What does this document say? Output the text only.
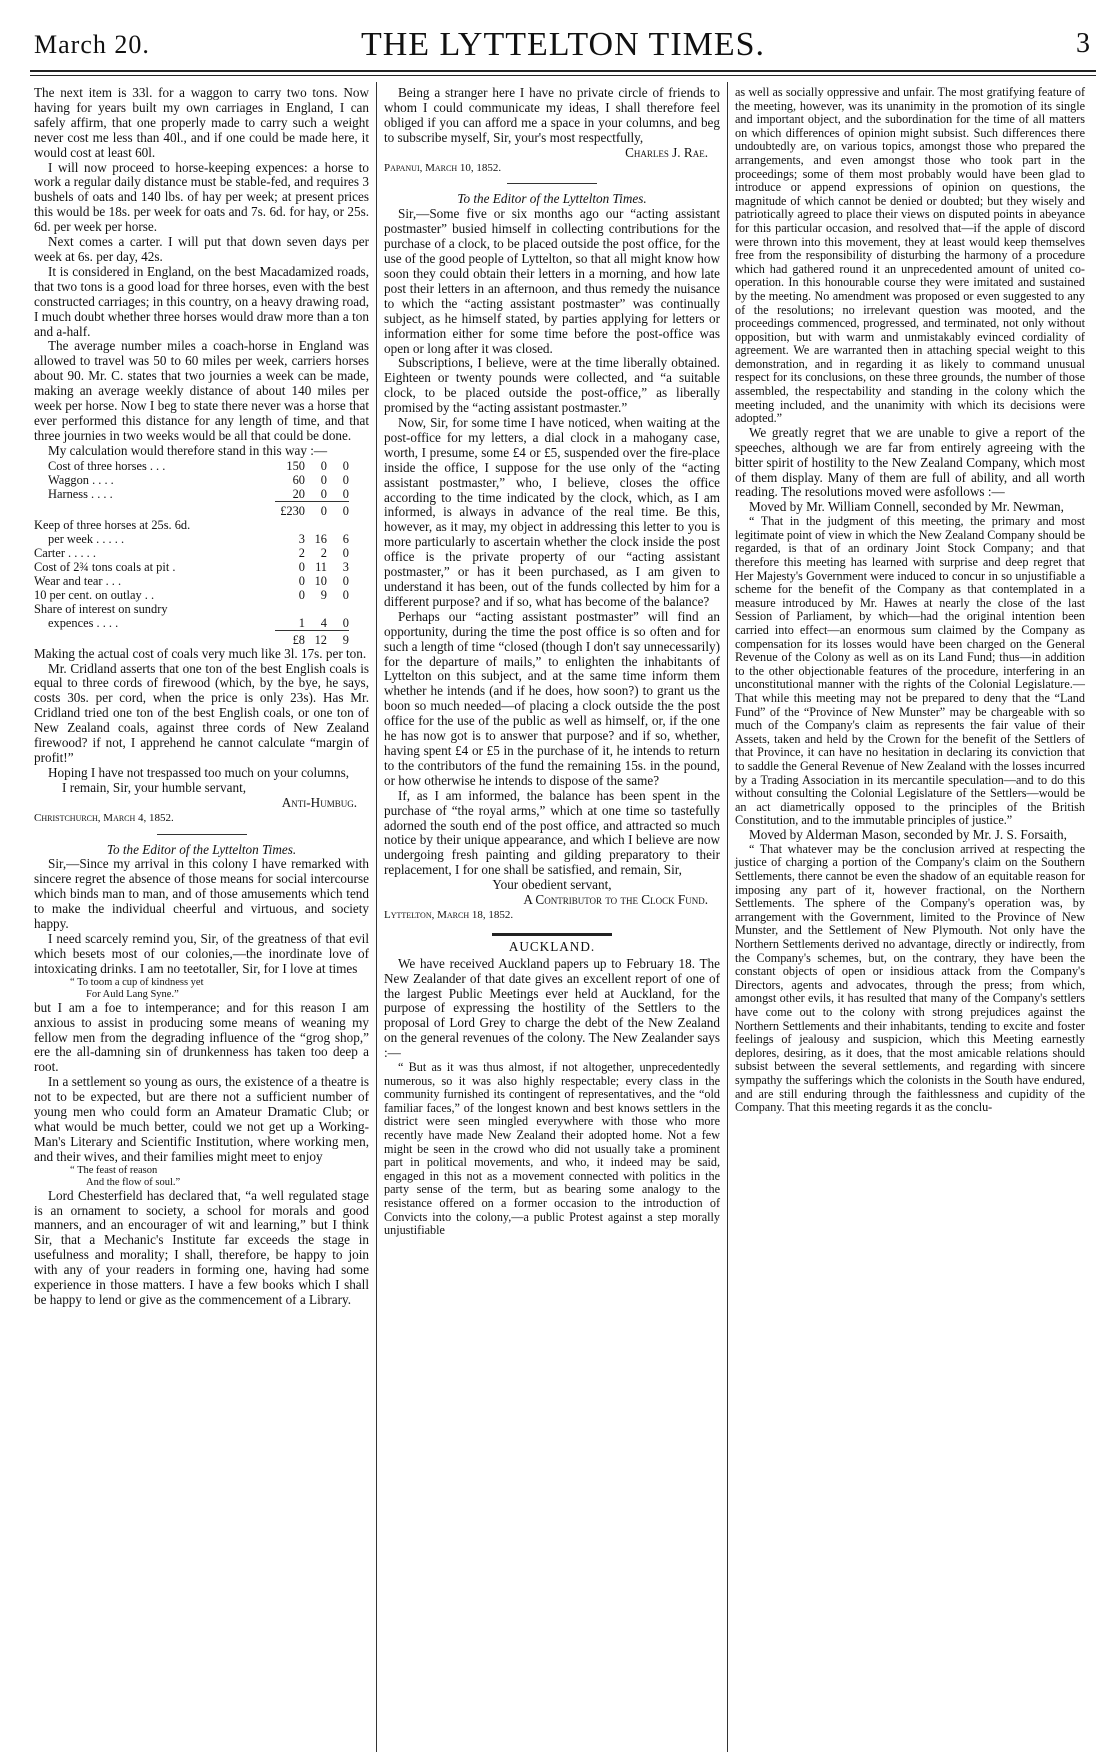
March 20.	THE LYTTELTON TIMES.	3

The next item is 33l. for a waggon to carry two tons. Now having for years built my own carriages in England, I can safely affirm, that one properly made to carry such a weight never cost me less than 40l., and if one could be made here, it would cost at least 60l.

I will now proceed to horse-keeping expences: a horse to work a regular daily distance must be stable-fed, and requires 3 bushels of oats and 140 lbs. of hay per week; at present prices this would be 18s. per week for oats and 7s. 6d. for hay, or 25s. 6d. per week per horse.

Next comes a carter. I will put that down seven days per week at 6s. per day, 42s.

It is considered in England, on the best Macadamized roads, that two tons is a good load for three horses, even with the best constructed carriages; in this country, on a heavy drawing road, I much doubt whether three horses would draw more than a ton and a-half.

The average number miles a coach-horse in England was allowed to travel was 50 to 60 miles per week, carriers horses about 90. Mr. C. states that two journies a week can be made, making an average weekly distance of about 140 miles per week per horse. Now I beg to state there never was a horse that ever performed this distance for any length of time, and that three journies in two weeks would be all that could be done.

My calculation would therefore stand in this way :—

Cost of three horses . . .	150	0	0	
Waggon . . . .	60	0	0	
Harness . . . .	20	0	0	
	£230	0	0	
Keep of three horses at 25s. 6d.				
per week . . . . .	3	16	6	
Carter . . . . .	2	2	0	
Cost of 2¾ tons coals at pit .	0	11	3	
Wear and tear . . .	0	10	0	
10 per cent. on outlay . .	0	9	0	
Share of interest on sundry				
expences . . . .	1	4	0	
	£8	12	9	

Making the actual cost of coals very much like 3l. 17s. per ton.

Mr. Cridland asserts that one ton of the best English coals is equal to three cords of firewood (which, by the bye, he says, costs 30s. per cord, when the price is only 23s). Has Mr. Cridland tried one ton of the best English coals, or one ton of New Zealand coals, against three cords of New Zealand firewood? if not, I apprehend he cannot calculate “margin of profit!”

Hoping I have not trespassed too much on your columns,

I remain, Sir, your humble servant,

Anti-Humbug.

Christchurch, March 4, 1852.

To the Editor of the Lyttelton Times.

Sir,—Since my arrival in this colony I have remarked with sincere regret the absence of those means for social intercourse which binds man to man, and of those amusements which tend to make the individual cheerful and virtuous, and society happy.

I need scarcely remind you, Sir, of the greatness of that evil which besets most of our colonies,—the inordinate love of intoxicating drinks. I am no teetotaller, Sir, for I love at times

“ To toom a cup of kindness yet

For Auld Lang Syne.”

but I am a foe to intemperance; and for this reason I am anxious to assist in producing some means of weaning my fellow men from the degrading influence of the “grog shop,” ere the all-damning sin of drunkenness has taken too deep a root.

In a settlement so young as ours, the existence of a theatre is not to be expected, but are there not a sufficient number of young men who could form an Amateur Dramatic Club; or what would be much better, could we not get up a Working-Man's Literary and Scientific Institution, where working men, and their wives, and their families might meet to enjoy

“ The feast of reason

And the flow of soul.”

Lord Chesterfield has declared that, “a well regulated stage is an ornament to society, a school for morals and good manners, and an encourager of wit and learning,” but I think Sir, that a Mechanic's Institute far exceeds the stage in usefulness and morality; I shall, therefore, be happy to join with any of your readers in forming one, having had some experience in those matters. I have a few books which I shall be happy to lend or give as the commencement of a Library.

Being a stranger here I have no private circle of friends to whom I could communicate my ideas, I shall therefore feel obliged if you can afford me a space in your columns, and beg to subscribe myself, Sir, your's most respectfully,

Charles J. Rae.

Papanui, March 10, 1852.

To the Editor of the Lyttelton Times.

Sir,—Some five or six months ago our “acting assistant postmaster” busied himself in collecting contributions for the purchase of a clock, to be placed outside the post office, for the use of the good people of Lyttelton, so that all might know how soon they could obtain their letters in a morning, and how late post their letters in an afternoon, and thus remedy the nuisance to which the “acting assistant postmaster” was continually subject, as he himself stated, by parties applying for letters or information either for some time before the post-office was open or long after it was closed.

Subscriptions, I believe, were at the time liberally obtained. Eighteen or twenty pounds were collected, and “a suitable clock, to be placed outside the post-office,” as liberally promised by the “acting assistant postmaster.”

Now, Sir, for some time I have noticed, when waiting at the post-office for my letters, a dial clock in a mahogany case, worth, I presume, some £4 or £5, suspended over the fire-place inside the office, I suppose for the use only of the “acting assistant postmaster,” who, I believe, closes the office according to the time indicated by the clock, which, as I am informed, is always in advance of the real time. Be this, however, as it may, my object in addressing this letter to you is more particularly to ascertain whether the clock inside the post office is the private property of our “acting assistant postmaster,” or has it been purchased, as I am given to understand it has been, out of the funds collected by him for a different purpose? and if so, what has become of the balance?

Perhaps our “acting assistant postmaster” will find an opportunity, during the time the post office is so often and for such a length of time “closed (though I don't say unnecessarily) for the departure of mails,” to enlighten the inhabitants of Lyttelton on this subject, and at the same time inform them whether he intends (and if he does, how soon?) to grant us the boon so much needed—of placing a clock outside the the post office for the use of the public as well as himself, or, if the one he has now got is to answer that purpose? and if so, whether, having spent £4 or £5 in the purchase of it, he intends to return to the contributors of the fund the remaining 15s. in the pound, or how otherwise he intends to dispose of the same?

If, as I am informed, the balance has been spent in the purchase of “the royal arms,” which at one time so tastefully adorned the south end of the post office, and attracted so much notice by their unique appearance, and which I believe are now undergoing fresh painting and gilding preparatory to their replacement, I for one shall be satisfied, and remain, Sir,

Your obedient servant,

A Contributor to the Clock Fund.

Lyttelton, March 18, 1852.

AUCKLAND.

We have received Auckland papers up to February 18. The New Zealander of that date gives an excellent report of one of the largest Public Meetings ever held at Auckland, for the purpose of expressing the hostility of the Settlers to the proposal of Lord Grey to charge the debt of the New Zealand on the general revenues of the colony. The New Zealander says :—

“ But as it was thus almost, if not altogether, unprecedentedly numerous, so it was also highly respectable; every class in the community furnished its contingent of representatives, and the “old familiar faces,” of the longest known and best knows settlers in the district were seen mingled everywhere with those who more recently have made New Zealand their adopted home. Not a few might be seen in the crowd who did not usually take a prominent part in political movements, and who, it indeed may be said, engaged in this not as a movement connected with politics in the party sense of the term, but as bearing some analogy to the resistance offered on a former occasion to the introduction of Convicts into the colony,—a public Protest against a step morally unjustifiable

as well as socially oppressive and unfair. The most gratifying feature of the meeting, however, was its unanimity in the promotion of its single and important object, and the subordination for the time of all matters on which differences of opinion might subsist. Such differences there undoubtedly are, on various topics, amongst those who prepared the arrangements, and even amongst those who took part in the proceedings; some of them most probably would have been glad to introduce or append expressions of opinion on questions, the magnitude of which cannot be denied or doubted; but they wisely and patriotically agreed to place their views on disputed points in abeyance for this particular occasion, and resolved that—if the apple of discord were thrown into this movement, they at least would keep themselves free from the responsibility of disturbing the harmony of a procedure which had gathered round it an unprecedented amount of united co-operation. In this honourable course they were imitated and sustained by the meeting. No amendment was proposed or even suggested to any of the resolutions; no irrelevant question was mooted, and the proceedings commenced, progressed, and terminated, not only without opposition, but with warm and unmistakably evinced cordiality of agreement. We are warranted then in attaching special weight to this demonstration, and in regarding it as likely to command unusual respect for its conclusions, on these three grounds, the number of those assembled, the respectability and standing in the colony which the meeting included, and the unanimity with which its decisions were adopted.”

We greatly regret that we are unable to give a report of the speeches, although we are far from entirely agreeing with the bitter spirit of hostility to the New Zealand Company, which most of them display. Many of them are full of ability, and all worth reading. The resolutions moved were asfollows :—

Moved by Mr. William Connell, seconded by Mr. Newman,

“ That in the judgment of this meeting, the primary and most legitimate point of view in which the New Zealand Company should be regarded, is that of an ordinary Joint Stock Company; and that therefore this meeting has learned with surprise and deep regret that Her Majesty's Government were induced to concur in so unjustifiable a scheme for the benefit of the Company as that contemplated in a measure introduced by Mr. Hawes at nearly the close of the last Session of Parliament, by which—had the original intention been carried into effect—an enormous sum claimed by the Company as compensation for its losses would have been charged on the General Revenue of the Colony as well as on its Land Fund; thus—in addition to the other objectionable features of the procedure, interfering in an unconstitutional manner with the rights of the Colonial Legislature.—That while this meeting may not be prepared to deny that the “Land Fund” of the “Province of New Munster” may be chargeable with so much of the Company's claim as represents the fair value of their Assets, taken and held by the Crown for the benefit of the Settlers of that Province, it can have no hesitation in declaring its conviction that to saddle the General Revenue of New Zealand with the losses incurred by a Trading Association in its mercantile speculation—and to do this without consulting the Colonial Legislature of the Settlers—would be an act diametrically opposed to the principles of the British Constitution, and to the immutable principles of justice.”

Moved by Alderman Mason, seconded by Mr. J. S. Forsaith,

“ That whatever may be the conclusion arrived at respecting the justice of charging a portion of the Company's claim on the Southern Settlements, there cannot be even the shadow of an equitable reason for imposing any part of it, however fractional, on the Northern Settlements. The sphere of the Company's operation was, by arrangement with the Government, limited to the Province of New Munster, and the Settlement of New Plymouth. Not only have the Northern Settlements derived no advantage, directly or indirectly, from the Company's schemes, but, on the contrary, they have been the constant objects of open or insidious attack from the Company's Directors, agents and advocates, through the press; from which, amongst other evils, it has resulted that many of the Company's settlers have come out to the colony with strong prejudices against the Northern Settlements and their inhabitants, tending to excite and foster feelings of jealousy and suspicion, which this Meeting earnestly deplores, desiring, as it does, that the most amicable relations should subsist between the several settlements, and regarding with sincere sympathy the sufferings which the colonists in the South have endured, and are still enduring through the faithlessness and cupidity of the Company. That this meeting regards it as the conclu-
